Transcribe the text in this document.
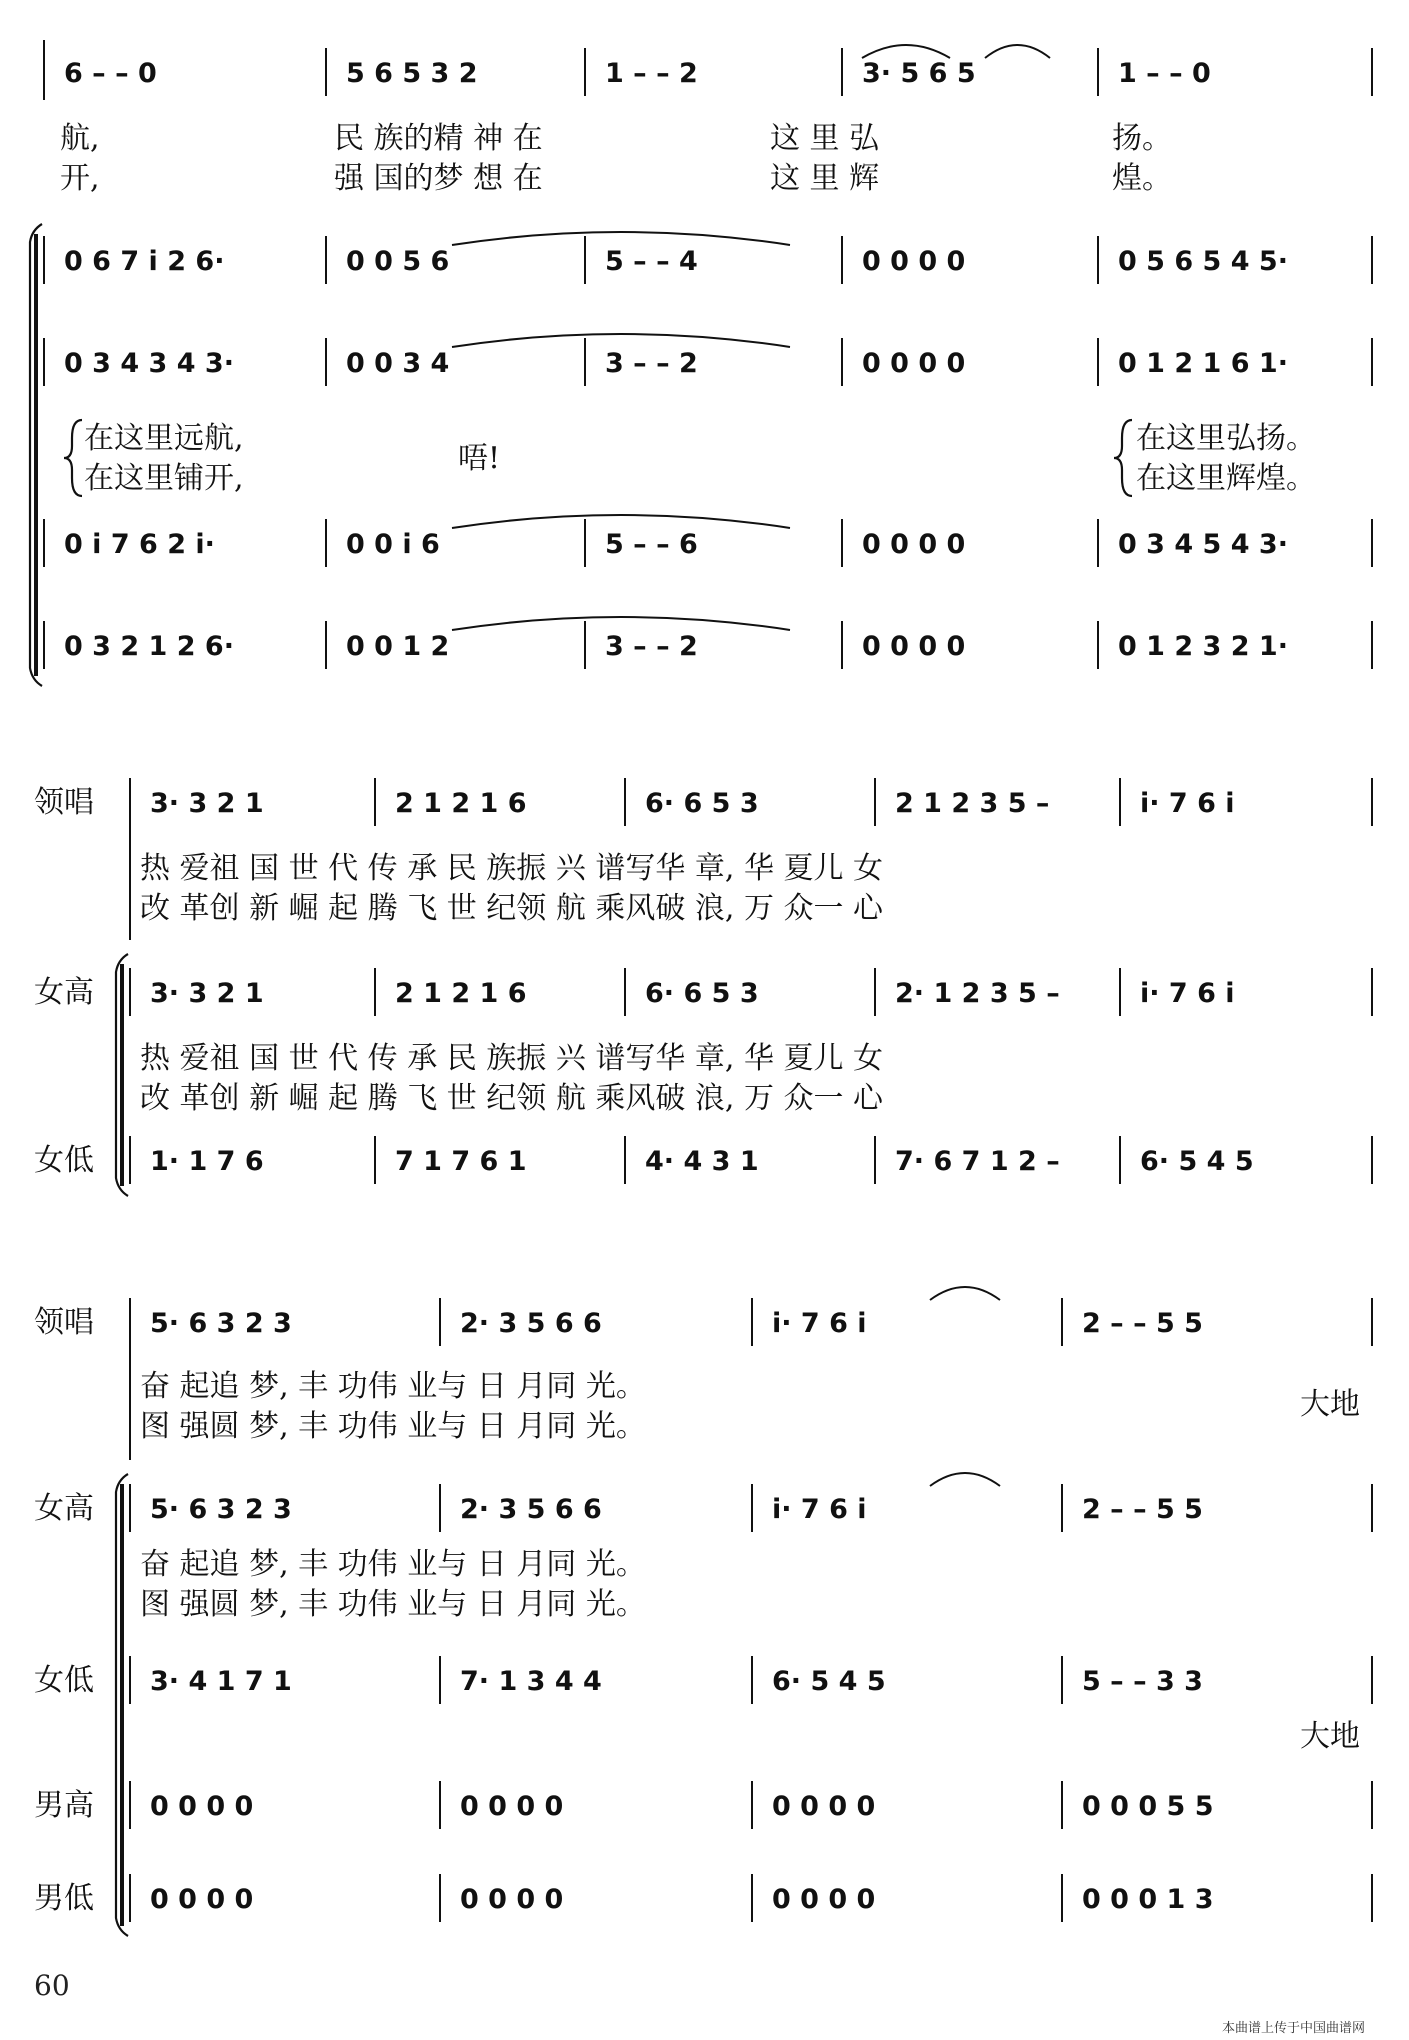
6 – – 0	5 6 5 3 2	1 – – 2	3· 5 6 5	1 – – 0
0 6 7 i 2 6·	0 0 5 6	5 – – 4	0 0 0 0	0 5 6 5 4 5·
0 3 4 3 4 3·	0 0 3 4	3 – – 2	0 0 0 0	0 1 2 1 6 1·
0 i 7 6 2 i·	0 0 i 6	5 – – 6	0 0 0 0	0 3 4 5 4 3·
0 3 2 1 2 6·	0 0 1 2	3 – – 2	0 0 0 0	0 1 2 3 2 1·
航,	民 族的精 神 在	这 里 弘	扬。
开,	强 国的梦 想 在	这 里 辉	煌。
在这里远航,
在这里铺开,
唔!
在这里弘扬。
在这里辉煌。
领唱 3· 3 2 1	2 1 2 1 6	6· 6 5 3	2 1 2 3 5 –	i· 7 6 i
女高 3· 3 2 1	2 1 2 1 6	6· 6 5 3	2· 1 2 3 5 –	i· 7 6 i
女低 1· 1 7 6	7 1 7 6 1	4· 4 3 1	7· 6 7 1 2 –	6· 5 4 5
热 爱祖 国 世 代 传 承 民 族振 兴 谱写华 章, 华 夏儿 女
改 革创 新 崛 起 腾 飞 世 纪领 航 乘风破 浪, 万 众一 心
热 爱祖 国 世 代 传 承 民 族振 兴 谱写华 章, 华 夏儿 女
改 革创 新 崛 起 腾 飞 世 纪领 航 乘风破 浪, 万 众一 心
领唱 5· 6 3 2 3	2· 3 5 6 6	i· 7 6 i	2 – – 5 5
女高 5· 6 3 2 3	2· 3 5 6 6	i· 7 6 i	2 – – 5 5
女低 3· 4 1 7 1	7· 1 3 4 4	6· 5 4 5	5 – – 3 3
男高 0 0 0 0	0 0 0 0	0 0 0 0	0 0 0 5 5
男低 0 0 0 0	0 0 0 0	0 0 0 0	0 0 0 1 3
奋 起追 梦, 丰 功伟 业与 日 月同 光。
图 强圆 梦, 丰 功伟 业与 日 月同 光。
奋 起追 梦, 丰 功伟 业与 日 月同 光。
图 强圆 梦, 丰 功伟 业与 日 月同 光。
大地
大地
60
本曲谱上传于 中国曲谱网
